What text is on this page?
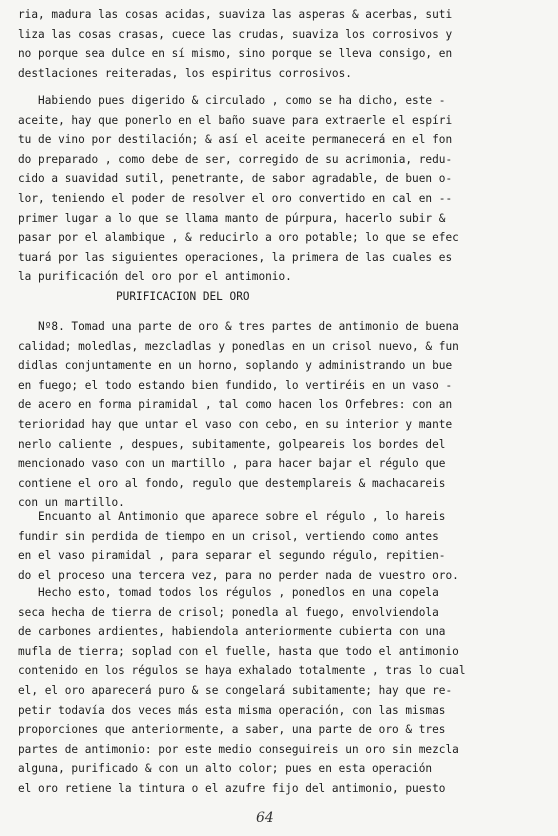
ria, madura las cosas acidas, suaviza las asperas & acerbas, suti
liza las cosas crasas, cuece las crudas, suaviza los corrosivos y
no porque sea dulce en sí mismo, sino porque se lleva consigo, en
destlaciones reiteradas, los espiritus corrosivos.
Habiendo pues digerido & circulado , como se ha dicho, este -
aceite, hay que ponerlo en el baño suave para extraerle el espíri
tu de vino por destilación; & así el aceite permanecerá en el fon
do preparado , como debe de ser, corregido de su acrimonia, redu-
cido a suavidad sutil, penetrante, de sabor agradable, de buen o-
lor, teniendo el poder de resolver el oro convertido en cal en --
primer lugar a lo que se llama manto de púrpura, hacerlo subir &
pasar por el alambique , & reducirlo a oro potable; lo que se efec
tuará por las siguientes operaciones, la primera de las cuales es
la purificación del oro por el antimonio.
Nº8. Tomad una parte de oro & tres partes de antimonio de buena
calidad; moledlas, mezcladlas y ponedlas en un crisol nuevo, & fun
didlas conjuntamente en un horno, soplando y administrando un bue
en fuego; el todo estando bien fundido, lo vertiréis en un vaso -
de acero en forma piramidal , tal como hacen los Orfebres: con an
terioridad hay que untar el vaso con cebo, en su interior y mante
nerlo caliente , despues, subitamente, golpeareis los bordes del
mencionado vaso con un martillo , para hacer bajar el régulo que
contiene el oro al fondo, regulo que destemplareis & machacareis
con un martillo.
Encuanto al Antimonio que aparece sobre el régulo , lo hareis
fundir sin perdida de tiempo en un crisol, vertiendo como antes
en el vaso piramidal , para separar el segundo régulo, repitien-
do el proceso una tercera vez, para no perder nada de vuestro oro.
Hecho esto, tomad todos los régulos , ponedlos en una copela
seca hecha de tierra de crisol; ponedla al fuego, envolviendola
de carbones ardientes, habiendola anteriormente cubierta con una
mufla de tierra; soplad con el fuelle, hasta que todo el antimonio
contenido en los régulos se haya exhalado totalmente , tras lo cual
el, el oro aparecerá puro & se congelará subitamente; hay que re-
petir todavía dos veces más esta misma operación, con las mismas
proporciones que anteriormente, a saber, una parte de oro & tres
partes de antimonio: por este medio conseguireis un oro sin mezcla
alguna, purificado & con un alto color; pues en esta operación
el oro retiene la tintura o el azufre fijo del antimonio, puesto
PURIFICACION DEL ORO
64
